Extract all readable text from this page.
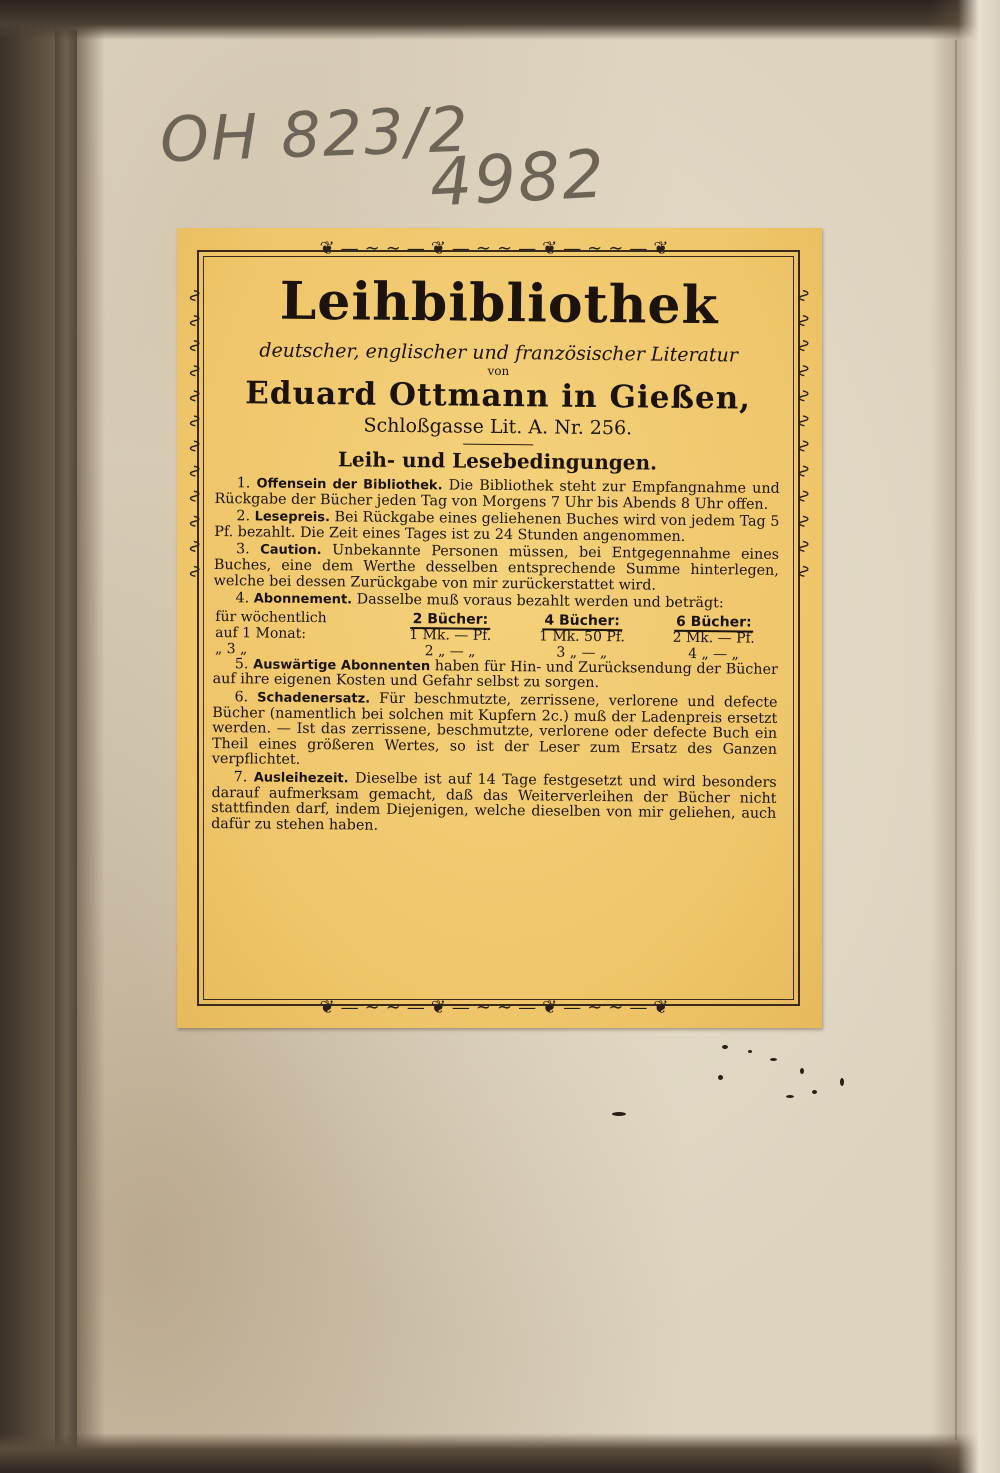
OH 823/2
4982
❦—∼∼—❦—∼∼—❦—∼∼—❦
❦—∼∼—❦—∼∼—❦—∼∼—❦
∿∿∿∿∿∿∿∿∿∿∿∿	∿∿∿∿∿∿∿∿∿∿∿∿
Leihbibliothek
deutscher, englischer und französischer Literatur
von
Eduard Ottmann in Gießen,
Schloßgasse Lit. A. Nr. 256.
Leih- und Lesebedingungen.

1. Offensein der Bibliothek. Die Bibliothek steht zur Empfangnahme und Rückgabe der Bücher jeden Tag von Morgens 7 Uhr bis Abends 8 Uhr offen.

2. Lesepreis. Bei Rückgabe eines geliehenen Buches wird von jedem Tag 5 Pf. bezahlt. Die Zeit eines Tages ist zu 24 Stunden angenommen.

3. Caution. Unbekannte Personen müssen, bei Entgegennahme eines Buches, eine dem Werthe desselben entsprechende Summe hinterlegen, welche bei dessen Zurückgabe von mir zurückerstattet wird.

4. Abonnement. Dasselbe muß voraus bezahlt werden und beträgt:

für wöchentlich	2 Bücher:	4 Bücher:	6 Bücher:
auf 1 Monat:	1 Mk. — Pf.	1 Mk. 50 Pf.	2 Mk. — Pf.
„ 3 „	2 „ — „	3 „ — „	4 „ — „

5. Auswärtige Abonnenten haben für Hin- und Zurücksendung der Bücher auf ihre eigenen Kosten und Gefahr selbst zu sorgen.

6. Schadenersatz. Für beschmutzte, zerrissene, verlorene und defecte Bücher (namentlich bei solchen mit Kupfern 2c.) muß der Ladenpreis ersetzt werden. — Ist das zerrissene, beschmutzte, verlorene oder defecte Buch ein Theil eines größeren Wertes, so ist der Leser zum Ersatz des Ganzen verpflichtet.

7. Ausleihezeit. Dieselbe ist auf 14 Tage festgesetzt und wird besonders darauf aufmerksam gemacht, daß das Weiterverleihen der Bücher nicht stattfinden darf, indem Diejenigen, welche dieselben von mir geliehen, auch dafür zu stehen haben.
